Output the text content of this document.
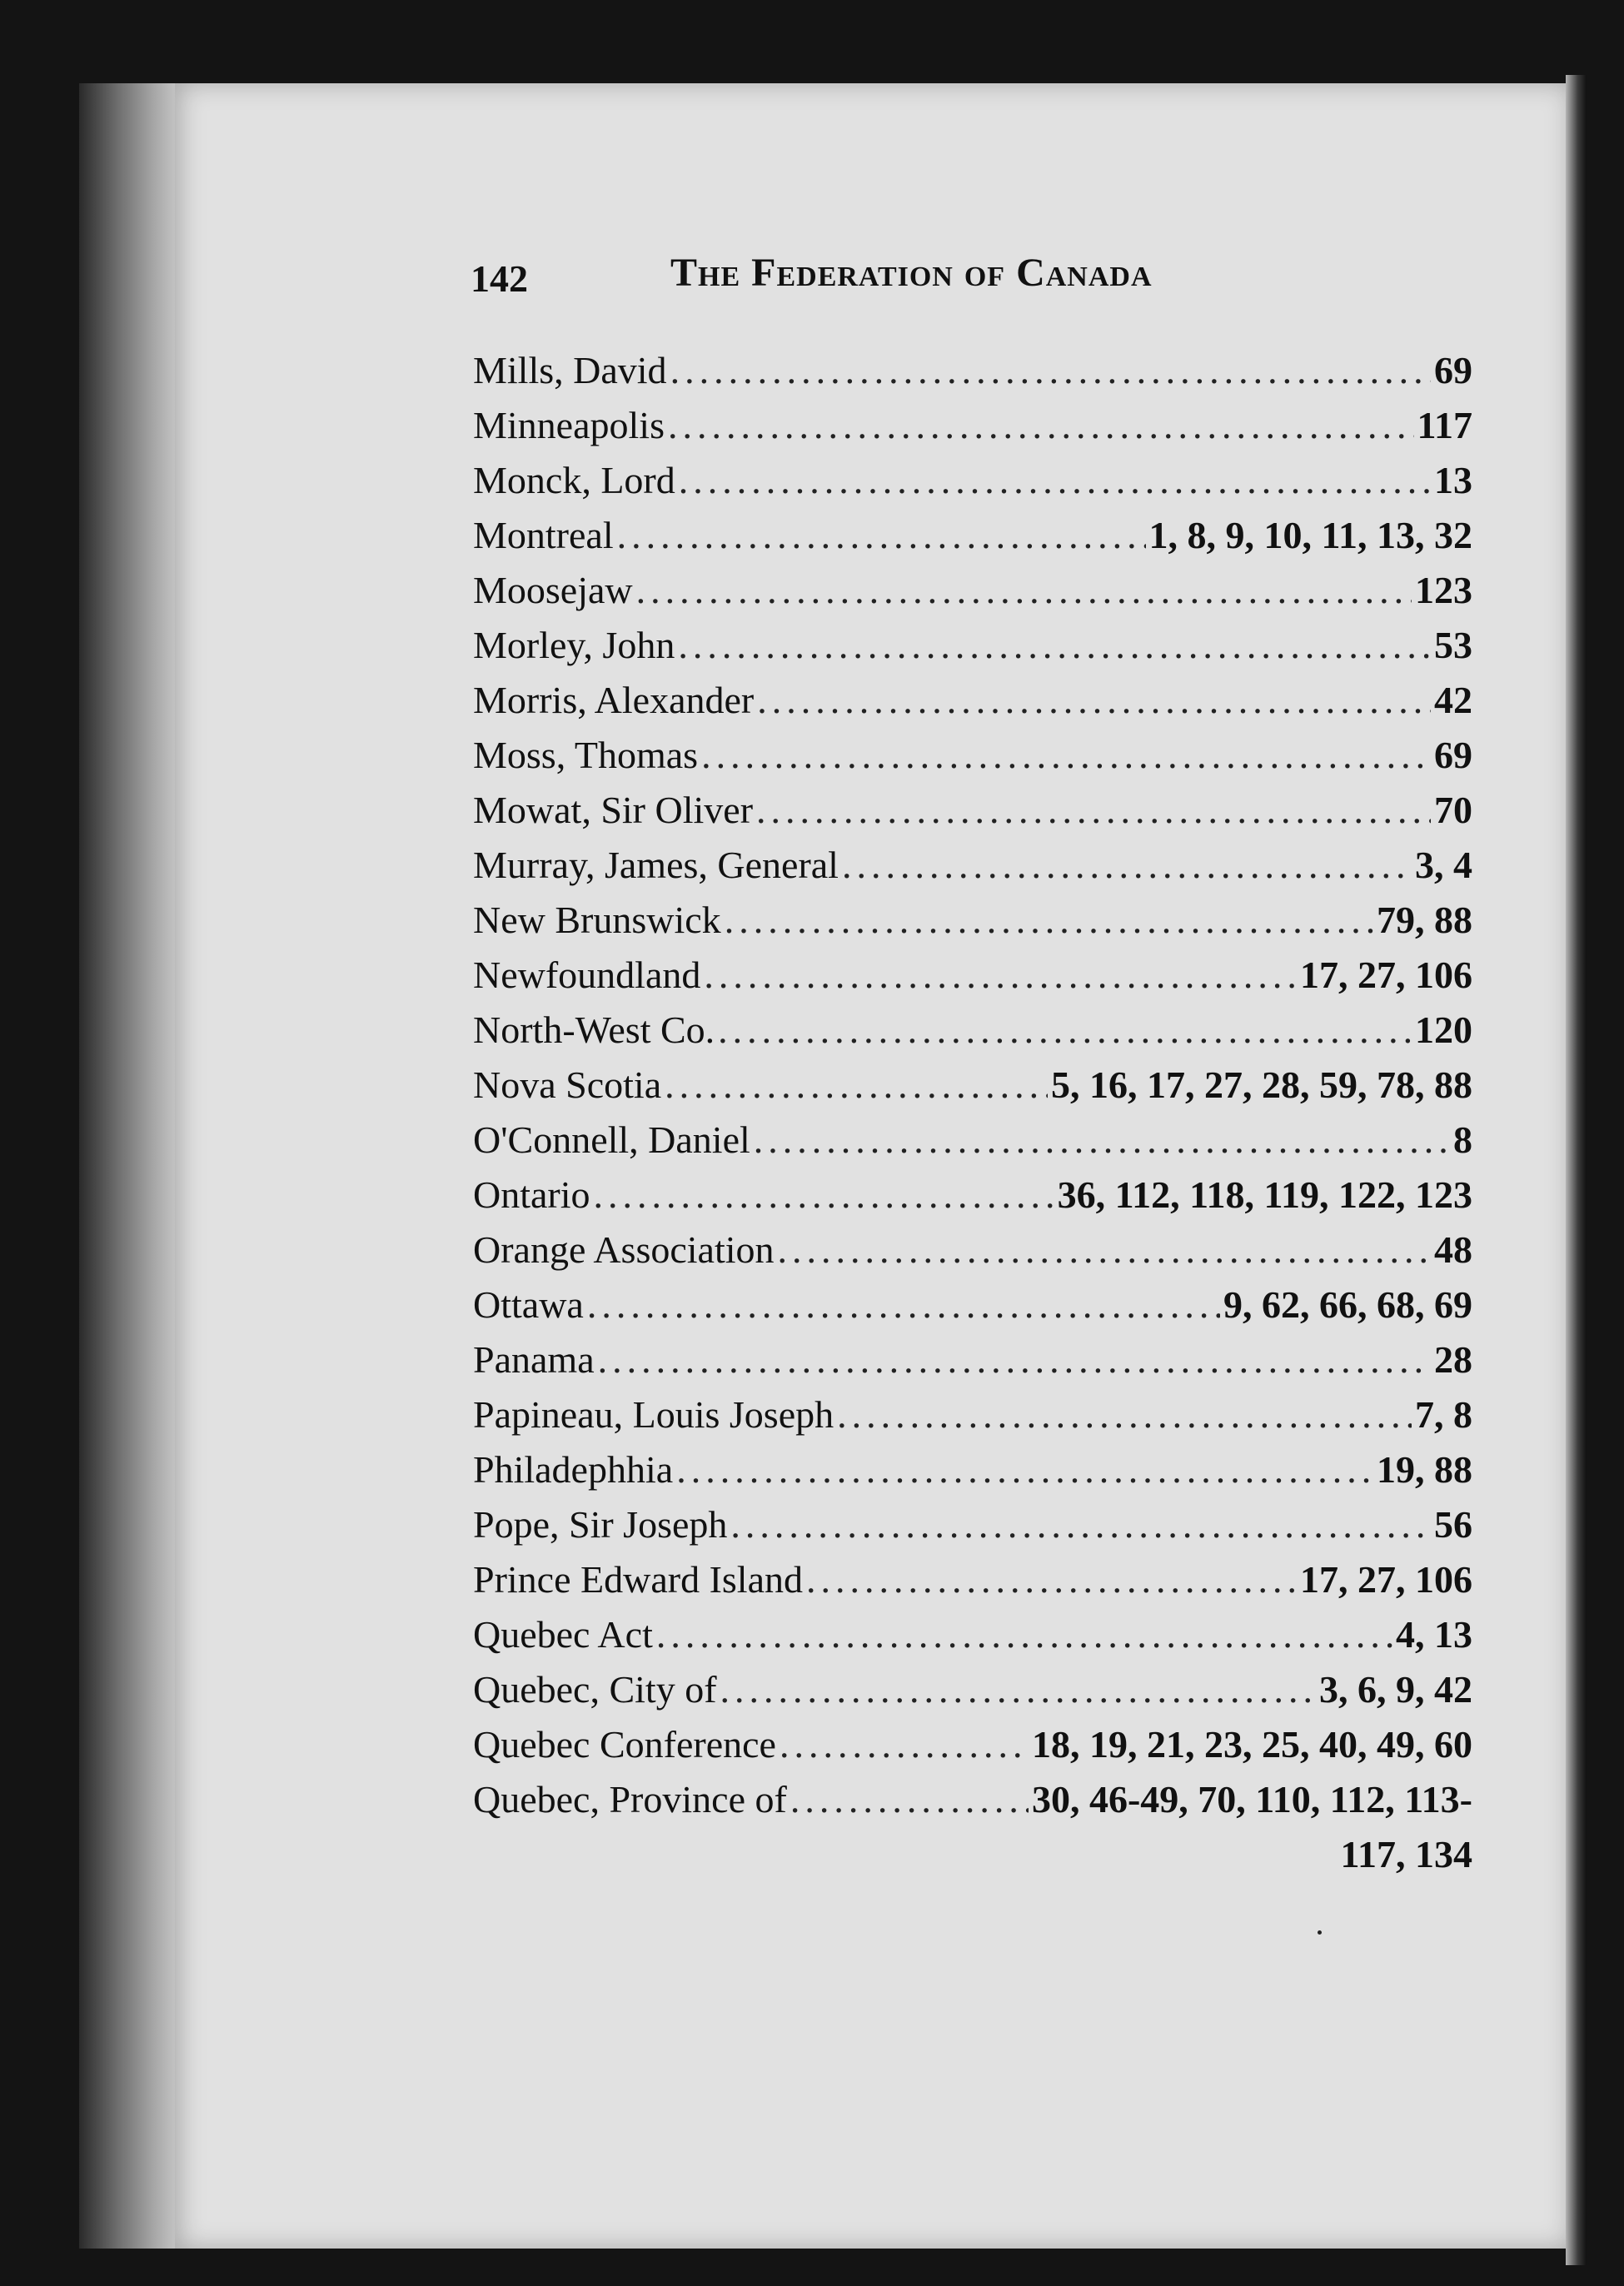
142	The Federation of Canada
Mills, David .....	69
Minneapolis .....	117
Monck, Lord .....	13
Montreal .....	1, 8, 9, 10, 11, 13, 32
Moosejaw .....	123
Morley, John .....	53
Morris, Alexander .....	42
Moss, Thomas .....	69
Mowat, Sir Oliver .....	70
Murray, James, General .....	3, 4
New Brunswick .....	79, 88
Newfoundland .....	17, 27, 106
North-West Co. .....	120
Nova Scotia .....	5, 16, 17, 27, 28, 59, 78, 88
O'Connell, Daniel .....	8
Ontario .....	36, 112, 118, 119, 122, 123
Orange Association .....	48
Ottawa .....	9, 62, 66, 68, 69
Panama .....	28
Papineau, Louis Joseph .....	7, 8
Philadephhia .....	19, 88
Pope, Sir Joseph .....	56
Prince Edward Island .....	17, 27, 106
Quebec Act .....	4, 13
Quebec, City of .....	3, 6, 9, 42
Quebec Conference .....	18, 19, 21, 23, 25, 40, 49, 60
Quebec, Province of .....	30, 46-49, 70, 110, 112, 113-
117, 134
